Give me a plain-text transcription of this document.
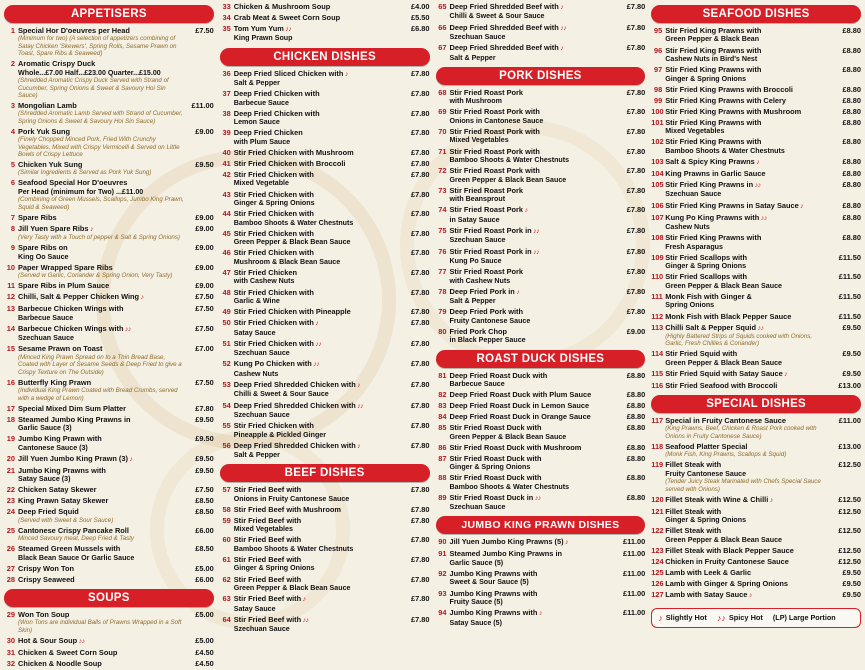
APPETISERS
1 Special Hor D'oeuvres per Head
(Minimum for two) (A selection of appetizers combining of Satay Chicken 'Skewers', Spring Rolls, Sesame Prawn on Toast, Spare Ribs & Seaweed)
£7.50
2 Aromatic Crispy Duck
Whole...£7.00 Half...£23.00 Quarter...£15.00
(Shredded Aromatic Crispy Duck Served with Strand of Cucumber, Spring Onions & Sweet & Savoury Hoi Sin Sauce)
3 Mongolian Lamb
(Shredded Aromatic Lamb Served with Strand of Cucumber, Spring Onions & Sweet & Savoury Hoi Sin Sauce)
£11.00
4 Pork Yuk Sung
(Finely Chopped Minced Pork, Fried With Crunchy Vegetables, Mixed with Crispy Vermicelli & Served on Little Bowls of Crispy Lettuce
£9.00
5 Chicken Yuk Sung
(Similar Ingredients & Served as Pork Yuk Sung)
£9.50
6 Seafood Special Hor D'oeuvres
Per Head (minimum for Two) ...£11.00
(Combining of Green Mussels, Scallops, Jumbo King Prawn, Squid & Seaweed)
7 Spare Ribs	£9.00
8 Jill Yuen Spare Ribs ♪
(Very Tasty with a Touch of pepper & Salt & Spring Onions)
£9.00
9 Spare Ribs on
King Oo Sauce
£9.00
10 Paper Wrapped Spare Ribs
(Served w Garlic, Coriander & Spring Onion, Very Tasty)
£9.00
11 Spare Ribs in Plum Sauce	£9.00
12 Chilli, Salt & Pepper Chicken Wing ♪	£7.50
13 Barbecue Chicken Wings with
Barbecue Sauce
£7.50
14 Barbecue Chicken Wings with ♪♪
Szechuan Sauce
£7.50
15 Sesame Prawn on Toast
(Minced King Prawn Spread on to a Thin Bread Base, Coated with Layer of Sesame Seeds & Deep Fried to give a Crispy Texture on The Outside)
£7.00
16 Butterfly King Prawn
(Individual King Prawn Coated with Bread Crumbs, served with a wedge of Lemon)
£7.50
17 Special Mixed Dim Sum Platter	£7.80
18 Steamed Jumbo King Prawns in
Garlic Sauce (3)
£9.50
19 Jumbo King Prawn with
Cantonese Sauce (3)
£9.50
20 Jill Yuen Jumbo King Prawn (3) ♪	£9.50
21 Jumbo King Prawns with
Satay Sauce (3)
£9.50
22 Chicken Satay Skewer	£7.50
23 King Prawn Satay Skewer	£8.50
24 Deep Fried Squid
(Served with Sweet & Sour Sauce)
£8.50
25 Cantonese Crispy Pancake Roll
Minced Savoury meat, Deep Fried & Tasty
£6.00
26 Steamed Green Mussels with
Black Bean Sauce Or Garlic Sauce
£8.50
27 Crispy Won Ton	£5.00
28 Crispy Seaweed	£6.00
SOUPS
29 Won Ton Soup
(Won Tons are individual Balls of Prawns Wrapped in a Soft Skin)
£5.00
30 Hot & Sour Soup ♪♪	£5.00
31 Chicken & Sweet Corn Soup	£4.50
32 Chicken & Noodle Soup	£4.50
33 Chicken & Mushroom Soup	£4.00
34 Crab Meat & Sweet Corn Soup	£5.50
35 Tom Yum Yum ♪♪
King Prawn Soup
£6.80
CHICKEN DISHES
36 Deep Fried Sliced Chicken with ♪
Salt & Pepper
£7.80
37 Deep Fried Chicken with
Barbecue Sauce
£7.80
38 Deep Fried Chicken with
Lemon Sauce
£7.80
39 Deep Fried Chicken
with Plum Sauce
£7.80
40 Stir Fried Chicken with Mushroom	£7.80
41 Stir Fried Chicken with Broccoli	£7.80
42 Stir Fried Chicken with
Mixed Vegetable
£7.80
43 Stir Fried Chicken with
Ginger & Spring Onions
£7.80
44 Stir Fried Chicken with
Bamboo Shoots & Water Chestnuts
£7.80
45 Stir Fried Chicken with
Green Pepper & Black Bean Sauce
£7.80
46 Stir Fried Chicken with
Mushroom & Black Bean Sauce
£7.80
47 Stir Fried Chicken
with Cashew Nuts
£7.80
48 Stir Fried Chicken with
Garlic & Wine
£7.80
49 Stir Fried Chicken with Pineapple	£7.80
50 Stir Fried Chicken with ♪
Satay Sauce
£7.80
51 Stir Fried Chicken with ♪♪
Szechuan Sauce
£7.80
52 Kung Po Chicken with ♪♪
Cashew Nuts
£7.80
53 Deep Fried Shredded Chicken with ♪
Chilli & Sweet & Sour Sauce
£7.80
54 Deep Fried Shredded Chicken with ♪♪
Szechuan Sauce
£7.80
55 Stir Fried Chicken with
Pineapple & Pickled Ginger
£7.80
56 Deep Fried Shredded Chicken with ♪
Salt & Pepper
£7.80
BEEF DISHES
57 Stir Fried Beef with
Onions in Fruity Cantonese Sauce
£7.80
58 Stir Fried Beef with Mushroom	£7.80
59 Stir Fried Beef with
Mixed Vegetables
£7.80
60 Stir Fried Beef with
Bamboo Shoots & Water Chestnuts
£7.80
61 Stir Fried Beef with
Ginger & Spring Onions
£7.80
62 Stir Fried Beef with
Green Pepper & Black Bean Sauce
£7.80
63 Stir Fried Beef with ♪
Satay Sauce
£7.80
64 Stir Fried Beef with ♪♪
Szechuan Sauce
£7.80
65 Deep Fried Shredded Beef with ♪
Chilli & Sweet & Sour Sauce
£7.80
66 Deep Fried Shredded Beef with ♪♪
Szechuan Sauce
£7.80
67 Deep Fried Shredded Beef with ♪
Salt & Pepper
£7.80
PORK DISHES
68 Stir Fried Roast Pork
with Mushroom
£7.80
69 Stir Fried Roast Pork with
Onions in Cantonese Sauce
£7.80
70 Stir Fried Roast Pork with
Mixed Vegetables
£7.80
71 Stir Fried Roast Pork with
Bamboo Shoots & Water Chestnuts
£7.80
72 Stir Fried Roast Pork with
Green Pepper & Black Bean Sauce
£7.80
73 Stir Fried Roast Pork
with Beansprout
£7.80
74 Stir Fried Roast Pork ♪
in Satay Sauce
£7.80
75 Stir Fried Roast Pork in ♪♪
Szechuan Sauce
£7.80
76 Stir Fried Roast Pork in ♪♪
Kung Po Sauce
£7.80
77 Stir Fried Roast Pork
with Cashew Nuts
£7.80
78 Deep Fried Pork in ♪
Salt & Pepper
£7.80
79 Deep Fried Pork with
Fruity Cantonese Sauce
£7.80
80 Fried Pork Chop
in Black Pepper Sauce
£9.00
ROAST DUCK DISHES
81 Deep Fried Roast Duck with
Barbecue Sauce
£8.80
82 Deep Fried Roast Duck with Plum Sauce	£8.80
83 Deep Fried Roast Duck in Lemon Sauce	£8.80
84 Deep Fried Roast Duck in Orange Sauce	£8.80
85 Stir Fried Roast Duck with
Green Pepper & Black Bean Sauce
£8.80
86 Stir Fried Roast Duck with Mushroom	£8.80
87 Stir Fried Roast Duck with
Ginger & Spring Onions
£8.80
88 Stir Fried Roast Duck with
Bamboo Shoots & Water Chestnuts
£8.80
89 Stir Fried Roast Duck in ♪♪
Szechuan Sauce
£8.80
JUMBO KING PRAWN DISHES
90 Jill Yuen Jumbo King Prawns (5) ♪	£11.00
91 Steamed Jumbo King Prawns in
Garlic Sauce (5)
£11.00
92 Jumbo King Prawns with
Sweet & Sour Sauce (5)
£11.00
93 Jumbo King Prawns with
Fruity Sauce (5)
£11.00
94 Jumbo King Prawns with ♪
Satay Sauce (5)
£11.00
SEAFOOD DISHES
95 Stir Fried King Prawns with
Green Pepper & Black Bean
£8.80
96 Stir Fried King Prawns with
Cashew Nuts in Bird's Nest
£8.80
97 Stir Fried King Prawns with
Ginger & Spring Onions
£8.80
98 Stir Fried King Prawns with Broccoli	£8.80
99 Stir Fried King Prawns with Celery	£8.80
100 Stir Fried King Prawns with Mushroom	£8.80
101 Stir Fried King Prawns with
Mixed Vegetables
£8.80
102 Stir Fried King Prawns with
Bamboo Shoots & Water Chestnuts
£8.80
103 Salt & Spicy King Prawns ♪	£8.80
104 King Prawns in Garlic Sauce	£8.80
105 Stir Fried King Prawns in ♪♪
Szechuan Sauce
£8.80
106 Stir Fried King Prawns in Satay Sauce ♪	£8.80
107 Kung Po King Prawns with ♪♪
Cashew Nuts
£8.80
108 Stir Fried King Prawns with
Fresh Asparagus
£8.80
109 Stir Fried Scallops with
Ginger & Spring Onions
£11.50
110 Stir Fried Scallops with
Green Pepper & Black Bean Sauce
£11.50
111 Monk Fish with Ginger &
Spring Onions
£11.50
112 Monk Fish with Black Pepper Sauce	£11.50
113 Chilli Salt & Pepper Squid ♪♪
(Highly Battered Strips of Squids cooked with Onions, Garlic, Fresh Chillies & Coriander)
£9.50
114 Stir Fried Squid with
Green Pepper & Black Bean Sauce
£9.50
115 Stir Fried Squid with Satay Sauce ♪	£9.50
116 Stir Fried Seafood with Broccoli	£13.00
SPECIAL DISHES
117 Special in Fruity Cantonese Sauce
(King Prawns, Beef, Chicken & Roast Pork cooked with Onions in Fruity Cantonese Sauce)
£11.00
118 Seafood Platter Special
(Monk Fish, King Prawns, Scallops & Squid)
£13.00
119 Fillet Steak with
Fruity Cantonese Sauce
(Tender Juicy Steak Marinated with Chefs Special Sauce served with Onions)
£12.50
120 Fillet Steak with Wine & Chilli ♪	£12.50
121 Fillet Steak with
Ginger & Spring Onions
£12.50
122 Fillet Steak with
Green Pepper & Black Bean Sauce
£12.50
123 Fillet Steak with Black Pepper Sauce	£12.50
124 Chicken in Fruity Cantonese Sauce	£12.50
125 Lamb with Leek & Garlic	£9.50
126 Lamb with Ginger & Spring Onions	£9.50
127 Lamb with Satay Sauce ♪	£9.50
♪ Slightly Hot ♪♪ Spicy Hot (LP) Large Portion
